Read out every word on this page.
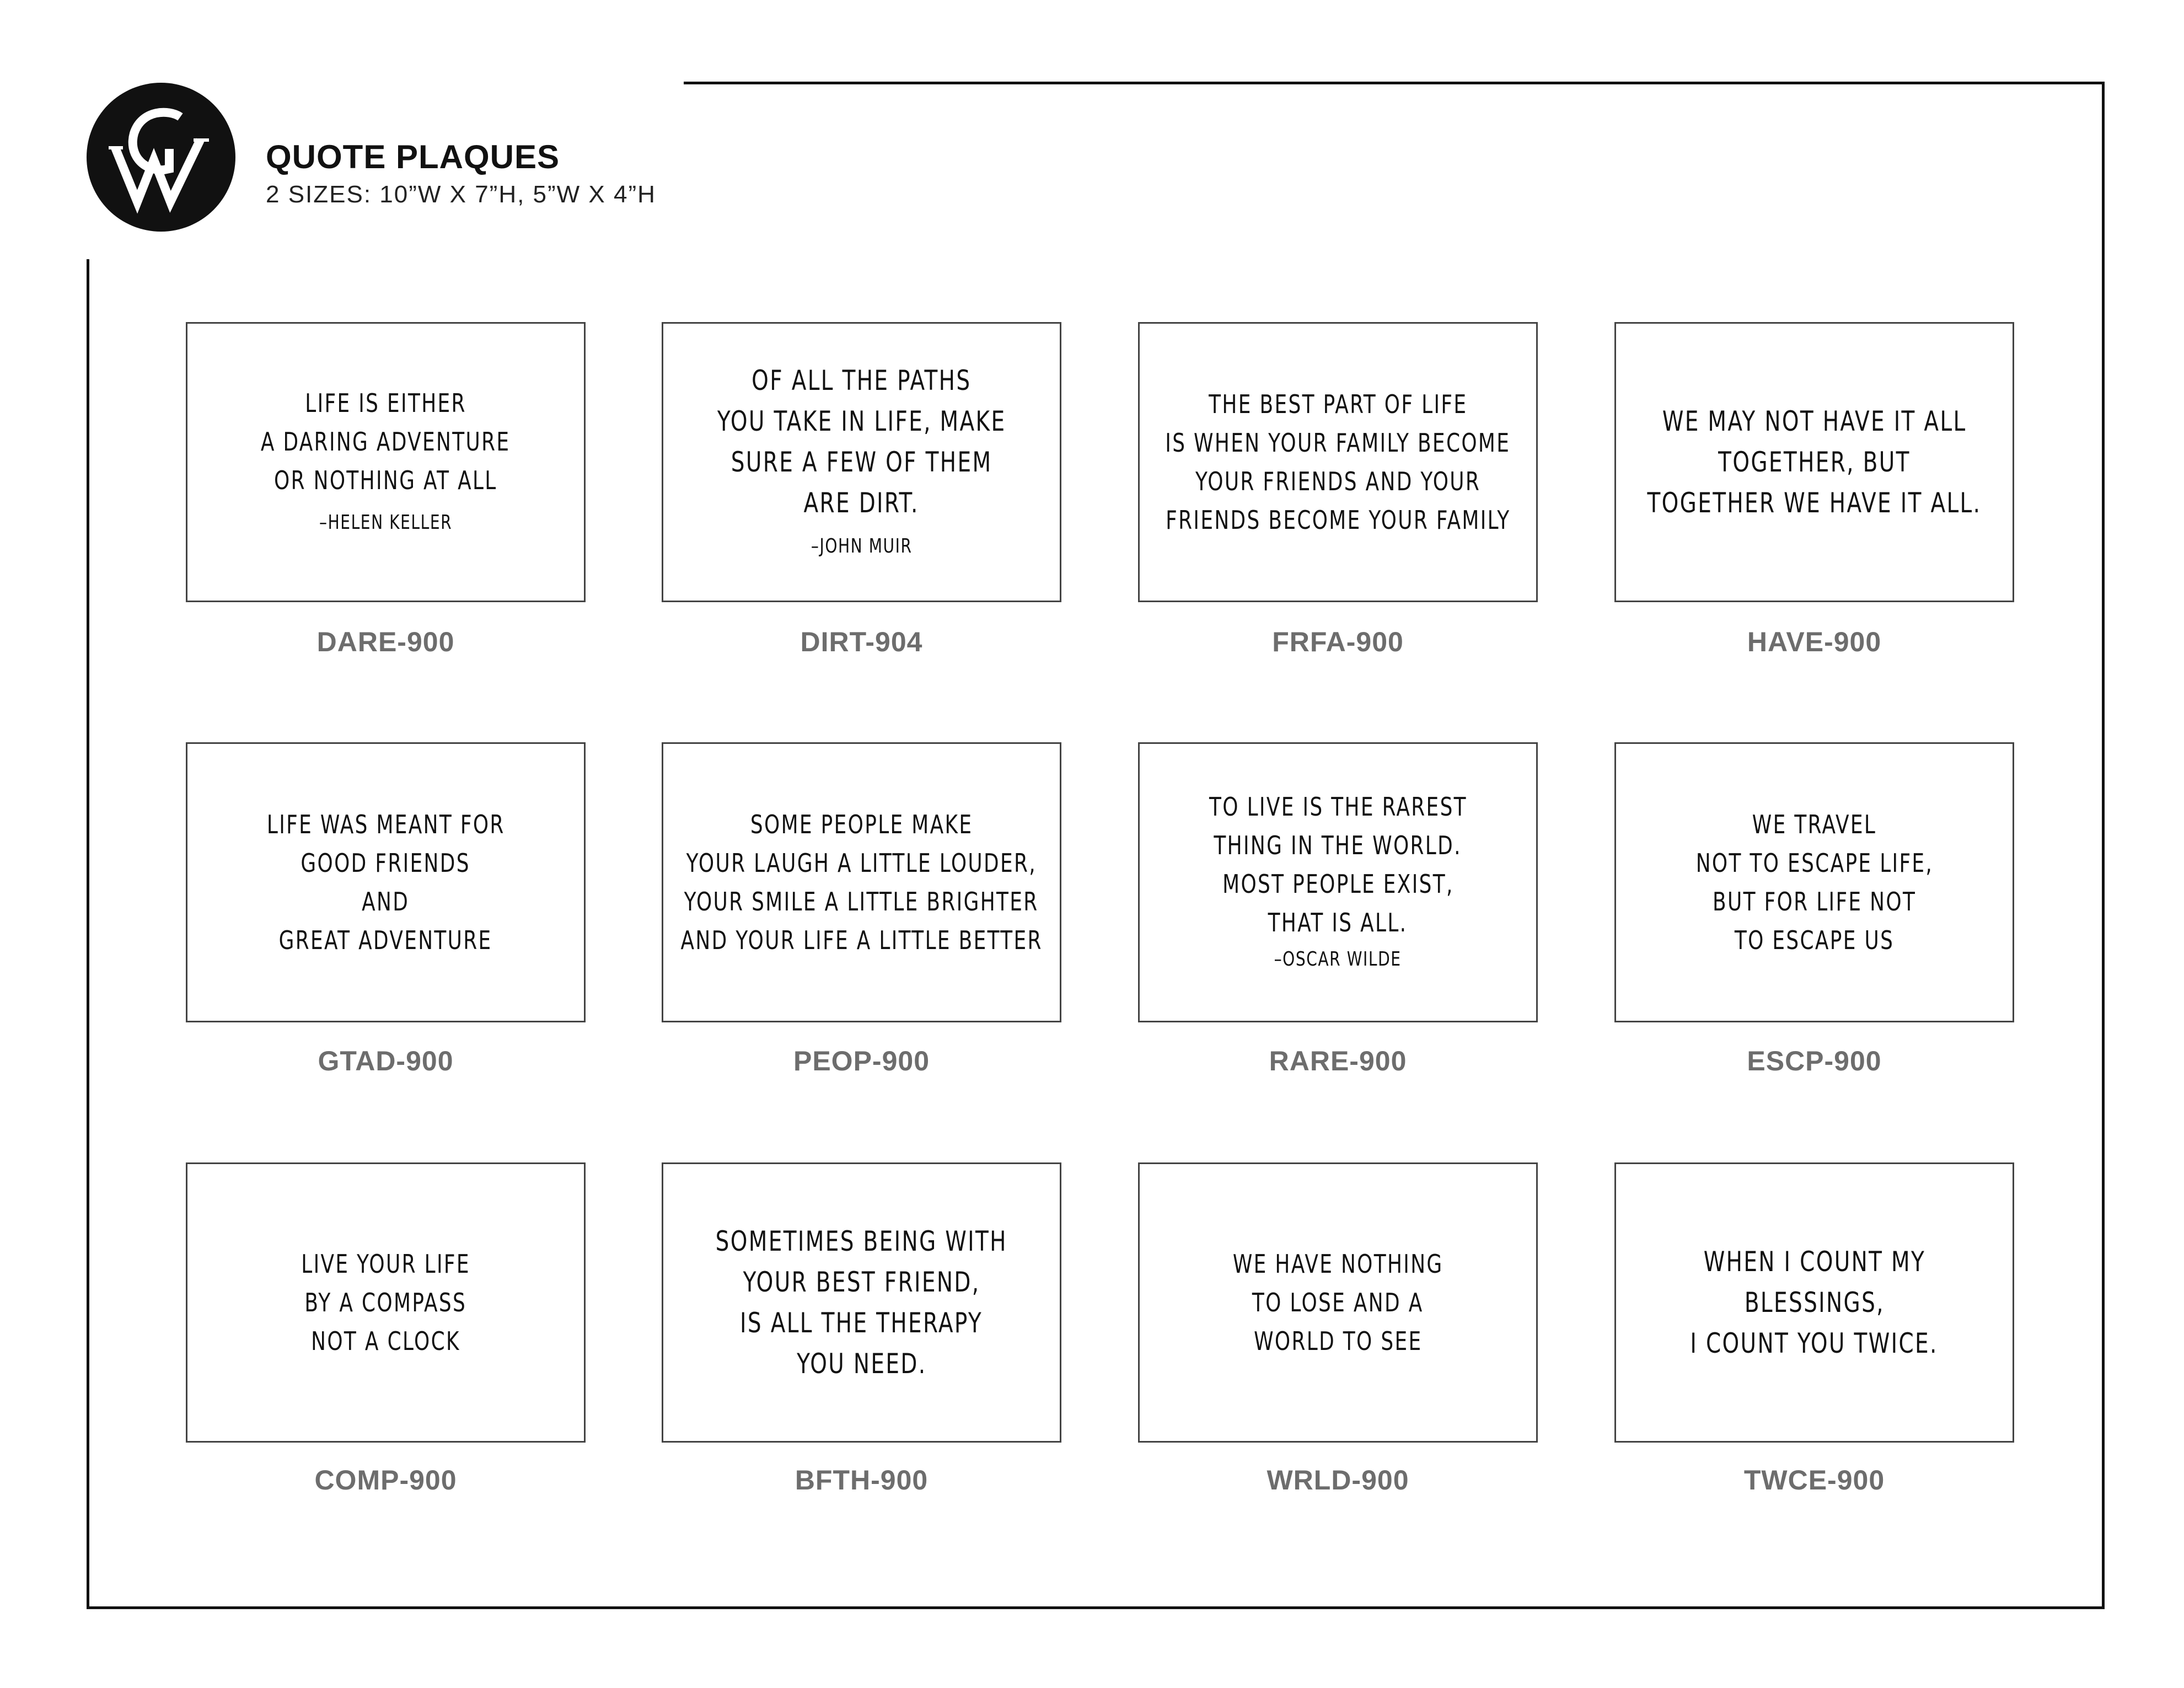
QUOTE PLAQUES
2 SIZES: 10”W X 7”H, 5”W X 4”H
LIFE IS EITHER
A DARING ADVENTURE
OR NOTHING AT ALL
–HELEN KELLER
DARE-900
OF ALL THE PATHS
YOU TAKE IN LIFE, MAKE
SURE A FEW OF THEM
ARE DIRT.
–JOHN MUIR
DIRT-904
THE BEST PART OF LIFE
IS WHEN YOUR FAMILY BECOME
YOUR FRIENDS AND YOUR
FRIENDS BECOME YOUR FAMILY
FRFA-900
WE MAY NOT HAVE IT ALL
TOGETHER, BUT
TOGETHER WE HAVE IT ALL.
HAVE-900
LIFE WAS MEANT FOR
GOOD FRIENDS
AND
GREAT ADVENTURE
GTAD-900
SOME PEOPLE MAKE
YOUR LAUGH A LITTLE LOUDER,
YOUR SMILE A LITTLE BRIGHTER
AND YOUR LIFE A LITTLE BETTER
PEOP-900
TO LIVE IS THE RAREST
THING IN THE WORLD.
MOST PEOPLE EXIST,
THAT IS ALL.
–OSCAR WILDE
RARE-900
WE TRAVEL
NOT TO ESCAPE LIFE,
BUT FOR LIFE NOT
TO ESCAPE US
ESCP-900
LIVE YOUR LIFE
BY A COMPASS
NOT A CLOCK
COMP-900
SOMETIMES BEING WITH
YOUR BEST FRIEND,
IS ALL THE THERAPY
YOU NEED.
BFTH-900
WE HAVE NOTHING
TO LOSE AND A
WORLD TO SEE
WRLD-900
WHEN I COUNT MY
BLESSINGS,
I COUNT YOU TWICE.
TWCE-900
